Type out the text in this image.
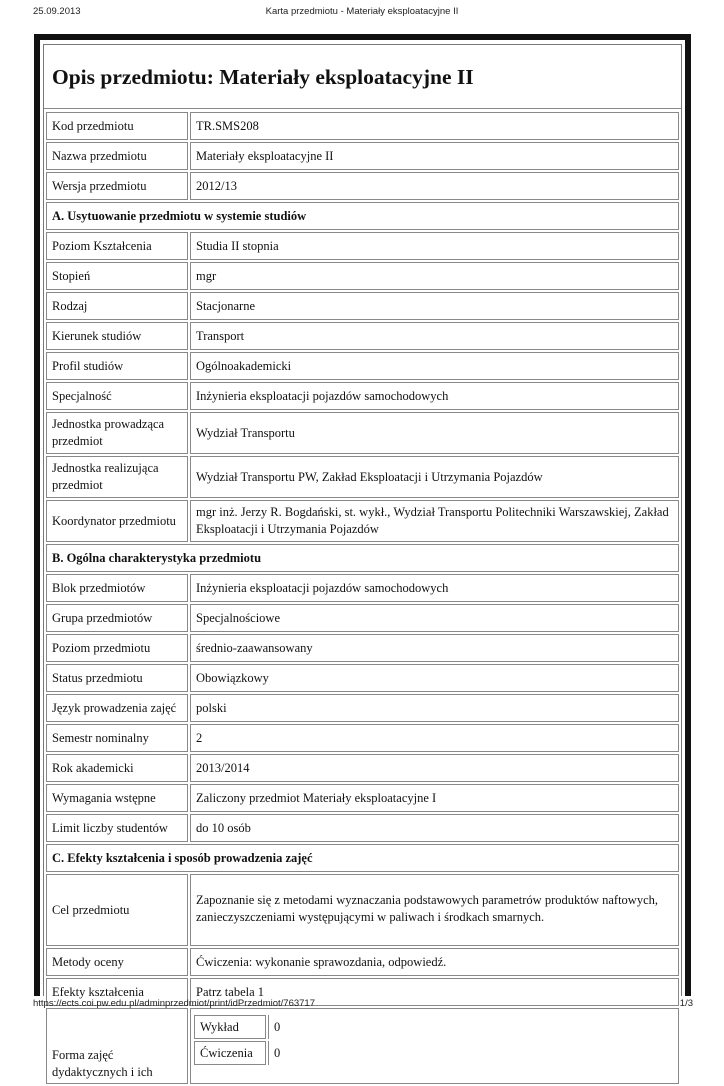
25.09.2013	Karta przedmiotu - Materiały eksploatacyjne II
Opis przedmiotu: Materiały eksploatacyjne II
Kod przedmiotu	TR.SMS208
Nazwa przedmiotu	Materiały eksploatacyjne II
Wersja przedmiotu	2012/13
A. Usytuowanie przedmiotu w systemie studiów
Poziom Kształcenia	Studia II stopnia
Stopień	mgr
Rodzaj	Stacjonarne
Kierunek studiów	Transport
Profil studiów	Ogólnoakademicki
Specjalność	Inżynieria eksploatacji pojazdów samochodowych
Jednostka prowadząca przedmiot	Wydział Transportu
Jednostka realizująca przedmiot	Wydział Transportu PW, Zakład Eksploatacji i Utrzymania Pojazdów
Koordynator przedmiotu	mgr inż. Jerzy R. Bogdański, st. wykł., Wydział Transportu Politechniki Warszawskiej, Zakład Eksploatacji i Utrzymania Pojazdów
B. Ogólna charakterystyka przedmiotu
Blok przedmiotów	Inżynieria eksploatacji pojazdów samochodowych
Grupa przedmiotów	Specjalnościowe
Poziom przedmiotu	średnio-zaawansowany
Status przedmiotu	Obowiązkowy
Język prowadzenia zajęć	polski
Semestr nominalny	2
Rok akademicki	2013/2014
Wymagania wstępne	Zaliczony przedmiot Materiały eksploatacyjne I
Limit liczby studentów	do 10 osób
C. Efekty kształcenia i sposób prowadzenia zajęć
Cel przedmiotu	Zapoznanie się z metodami wyznaczania podstawowych parametrów produktów naftowych, zanieczyszczeniami występującymi w paliwach i środkach smarnych.
Metody oceny	Ćwiczenia: wykonanie sprawozdania, odpowiedź.
Efekty kształcenia	Patrz tabela 1
Forma zajęć dydaktycznych i ich	
Wykład	0
Ćwiczenia	0
https://ects.coi.pw.edu.pl/adminprzedmiot/print/idPrzedmiot/763717	1/3
